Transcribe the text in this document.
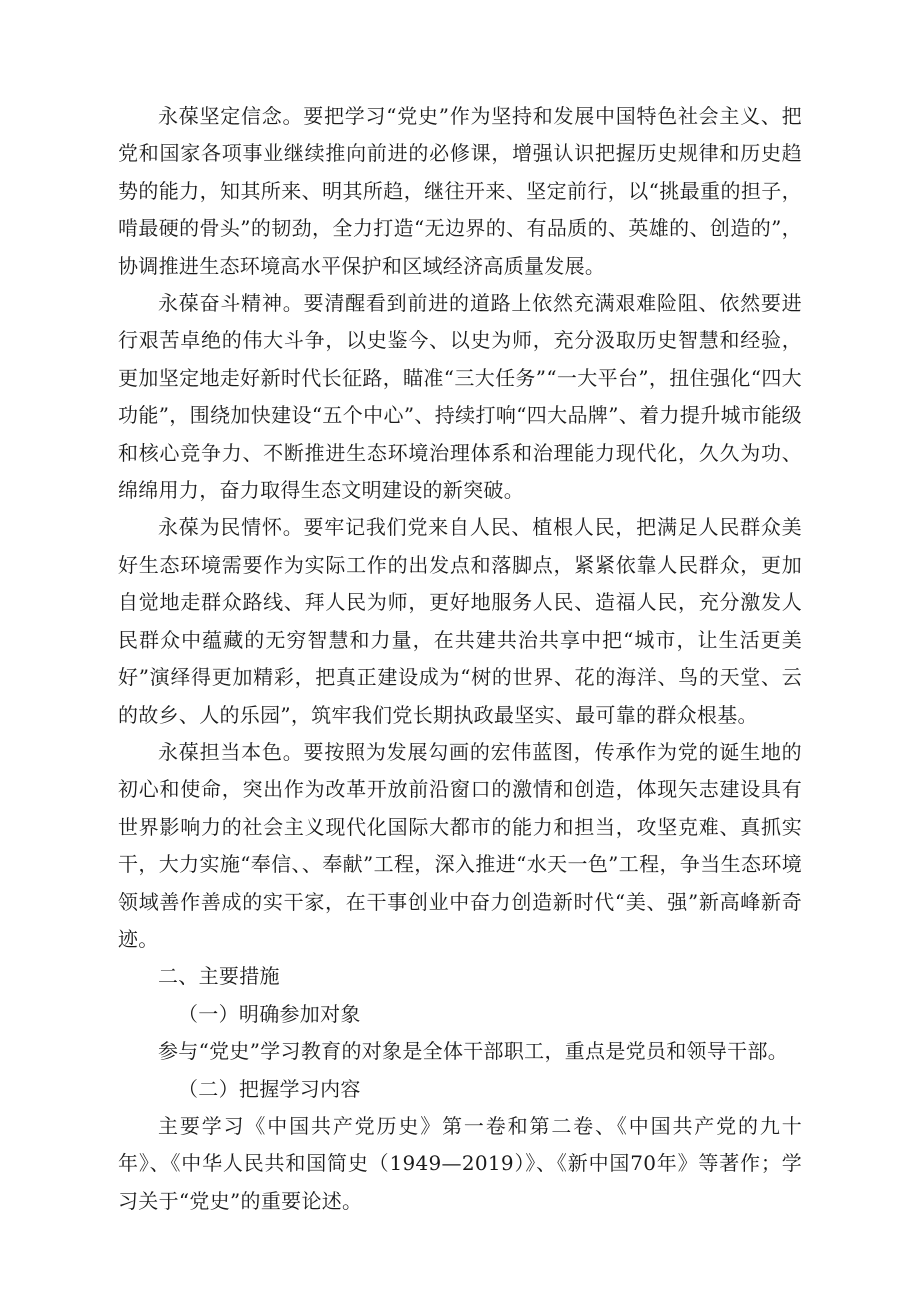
永葆坚定信念。要把学习“党史”作为坚持和发展中国特色社会主义、把党和国家各项事业继续推向前进的必修课，增强认识把握历史规律和历史趋势的能力，知其所来、明其所趋，继往开来、坚定前行，以“挑最重的担子，啃最硬的骨头”的韧劲，全力打造“无边界的、有品质的、英雄的、创造的”，协调推进生态环境高水平保护和区域经济高质量发展。

永葆奋斗精神。要清醒看到前进的道路上依然充满艰难险阻、依然要进行艰苦卓绝的伟大斗争，以史鉴今、以史为师，充分汲取历史智慧和经验，更加坚定地走好新时代长征路，瞄准“三大任务”“一大平台”，扭住强化“四大功能”，围绕加快建设“五个中心”、持续打响“四大品牌”、着力提升城市能级和核心竞争力、不断推进生态环境治理体系和治理能力现代化，久久为功、绵绵用力，奋力取得生态文明建设的新突破。

永葆为民情怀。要牢记我们党来自人民、植根人民，把满足人民群众美好生态环境需要作为实际工作的出发点和落脚点，紧紧依靠人民群众，更加自觉地走群众路线、拜人民为师，更好地服务人民、造福人民，充分激发人民群众中蕴藏的无穷智慧和力量，在共建共治共享中把“城市，让生活更美好”演绎得更加精彩，把真正建设成为“树的世界、花的海洋、鸟的天堂、云的故乡、人的乐园”，筑牢我们党长期执政最坚实、最可靠的群众根基。

永葆担当本色。要按照为发展勾画的宏伟蓝图，传承作为党的诞生地的初心和使命，突出作为改革开放前沿窗口的激情和创造，体现矢志建设具有世界影响力的社会主义现代化国际大都市的能力和担当，攻坚克难、真抓实干，大力实施“奉信、、奉献”工程，深入推进“水天一色”工程，争当生态环境领域善作善成的实干家，在干事创业中奋力创造新时代“美、强”新高峰新奇迹。

二、主要措施

（一）明确参加对象

参与“党史”学习教育的对象是全体干部职工，重点是党员和领导干部。

（二）把握学习内容

主要学习《中国共产党历史》第一卷和第二卷、《中国共产党的九十年》、《中华人民共和国简史（1949—2019）》、《新中国70年》等著作；学习关于“党史”的重要论述。
